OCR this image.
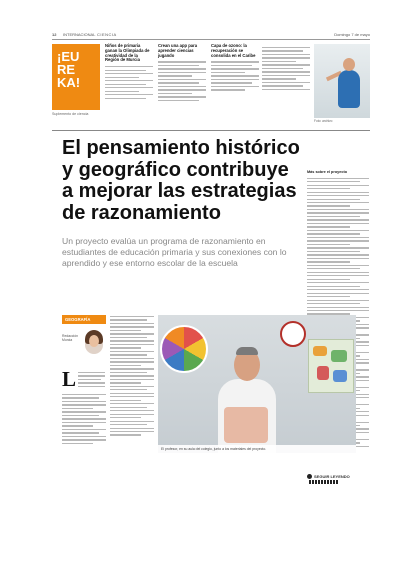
12 INTERNACIONAL CIENCIA	Domingo 7 de mayo
¡EU RE KA!
Suplemento de ciencia
Niños de primaria ganan la Olimpiada de creatividad de la Región de Murcia
Crean una app para aprender ciencias jugando
Capa de ozono: la recuperación se consolida en el Caribe
Foto: archivo
El pensamiento histórico y geográfico contribuye a mejorar las estrategias de razonamiento
Un proyecto evalúa un programa de razonamiento en estudiantes de educación primaria y sus conexiones con lo aprendido y ese entorno escolar de la escuela
Más sobre el proyecto
GEOGRAFÍA
Redacción Murcia
L
El profesor, en su aula del colegio, junto a los materiales del proyecto.
SEGUIR LEYENDO
